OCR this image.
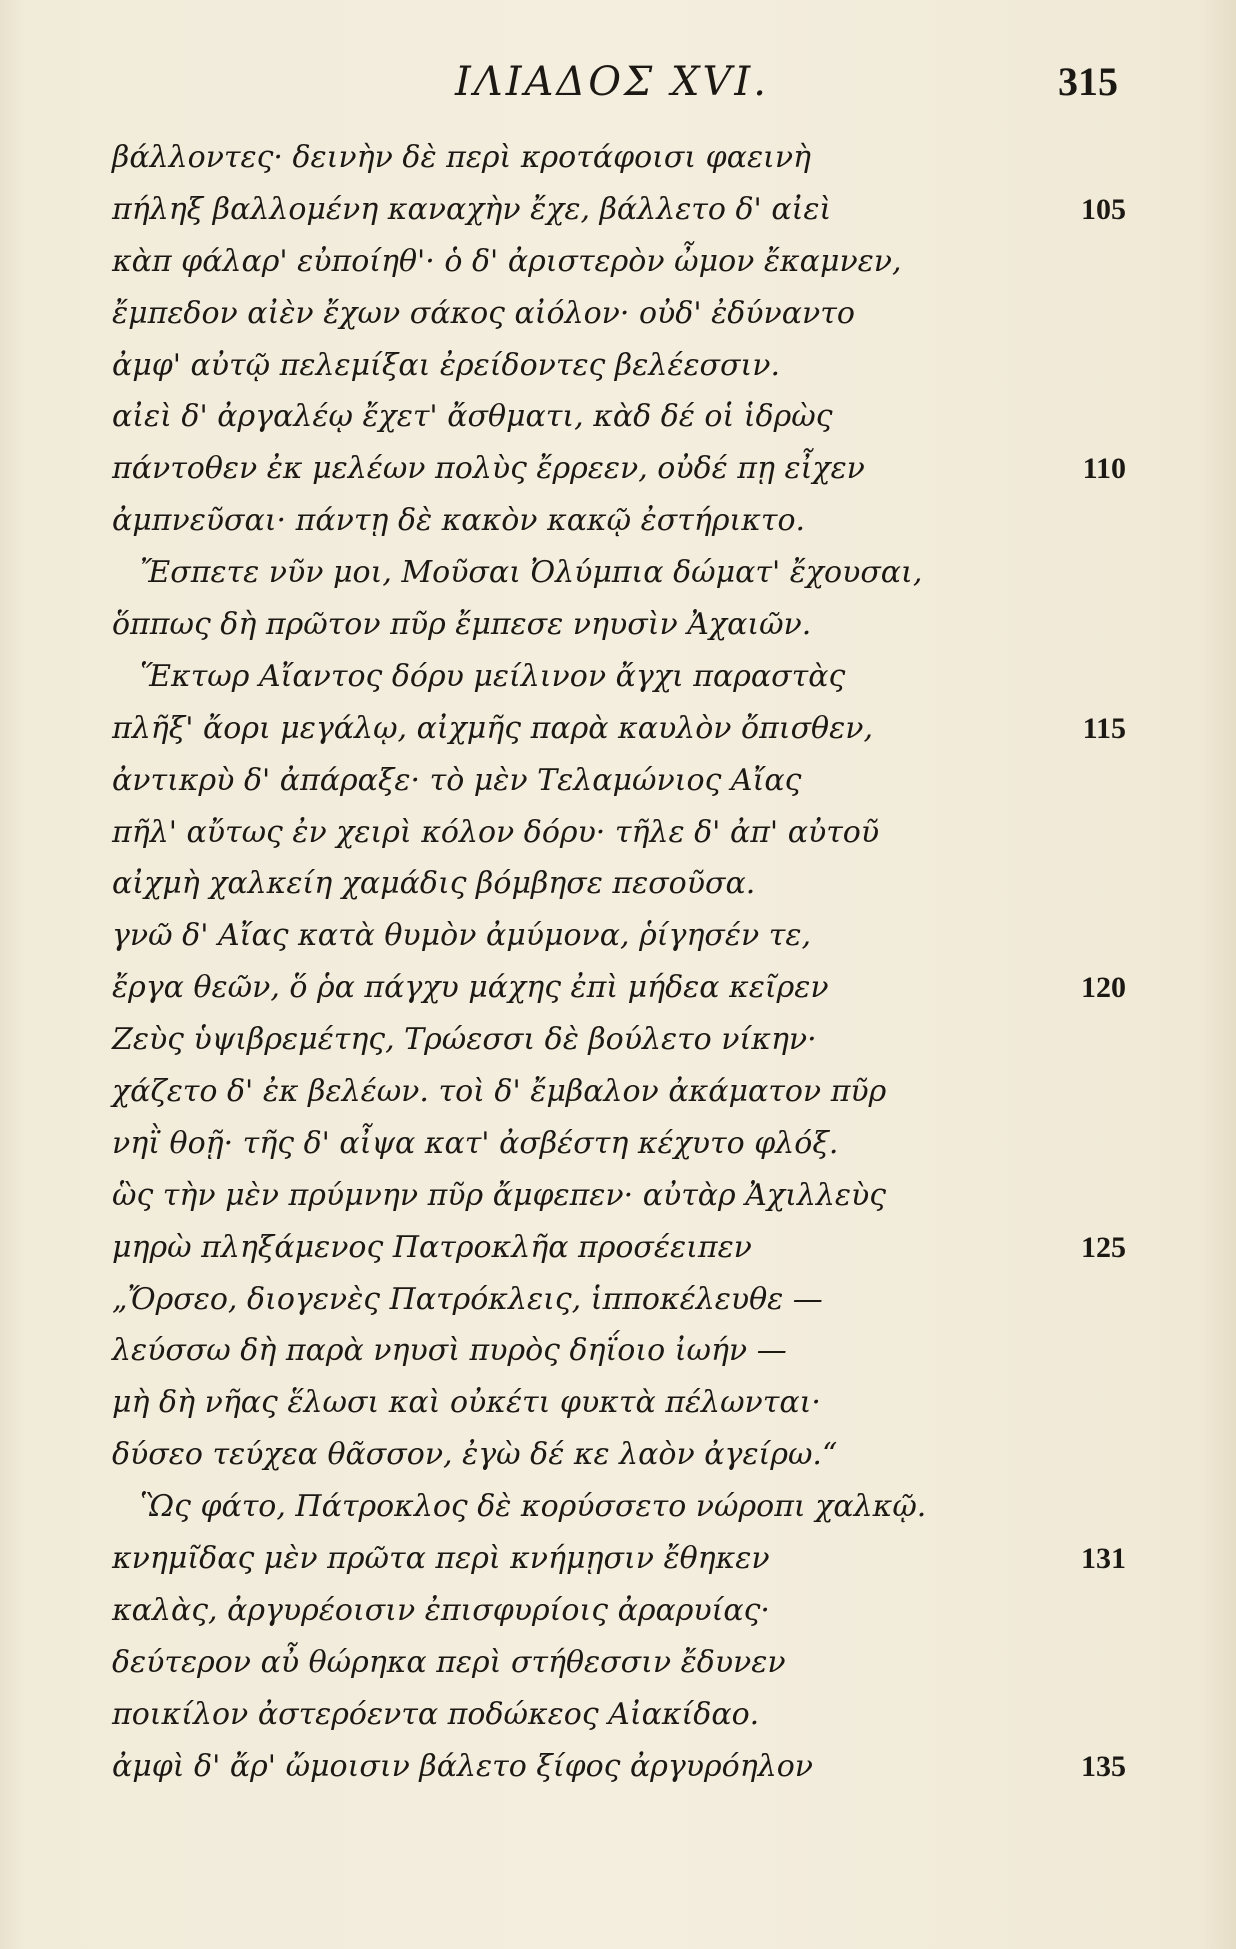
ΙΛΙΑΔΟΣ XVI.	315
βάλλοντες· δεινὴν δὲ περὶ κροτάφοισι φαεινὴ
πήληξ βαλλομένη καναχὴν ἔχε, βάλλετο δ' αἰεὶ	105
κὰπ φάλαρ' εὐποίηθ'· ὁ δ' ἀριστερὸν ὦμον ἔκαμνεν,
ἔμπεδον αἰὲν ἔχων σάκος αἰόλον· οὐδ' ἐδύναντο
ἀμφ' αὐτῷ πελεμίξαι ἐρείδοντες βελέεσσιν.
αἰεὶ δ' ἀργαλέῳ ἔχετ' ἄσθματι, κὰδ δέ οἱ ἱδρὼς
πάντοθεν ἐκ μελέων πολὺς ἔρρεεν, οὐδέ πῃ εἶχεν	110
ἀμπνεῦσαι· πάντῃ δὲ κακὸν κακῷ ἐστήρικτο.
Ἔσπετε νῦν μοι, Μοῦσαι Ὀλύμπια δώματ' ἔχουσαι,
ὅππως δὴ πρῶτον πῦρ ἔμπεσε νηυσὶν Ἀχαιῶν.
Ἕκτωρ Αἴαντος δόρυ μείλινον ἄγχι παραστὰς
πλῆξ' ἄορι μεγάλῳ, αἰχμῆς παρὰ καυλὸν ὄπισθεν,	115
ἀντικρὺ δ' ἀπάραξε· τὸ μὲν Τελαμώνιος Αἴας
πῆλ' αὔτως ἐν χειρὶ κόλον δόρυ· τῆλε δ' ἀπ' αὐτοῦ
αἰχμὴ χαλκείη χαμάδις βόμβησε πεσοῦσα.
γνῶ δ' Αἴας κατὰ θυμὸν ἀμύμονα, ῥίγησέν τε,
ἔργα θεῶν, ὅ ῥα πάγχυ μάχης ἐπὶ μήδεα κεῖρεν	120
Ζεὺς ὑψιβρεμέτης, Τρώεσσι δὲ βούλετο νίκην·
χάζετο δ' ἐκ βελέων. τοὶ δ' ἔμβαλον ἀκάματον πῦρ
νηῒ θοῇ· τῆς δ' αἶψα κατ' ἀσβέστη κέχυτο φλόξ.
ὣς τὴν μὲν πρύμνην πῦρ ἄμφεπεν· αὐτὰρ Ἀχιλλεὺς
μηρὼ πληξάμενος Πατροκλῆα προσέειπεν	125
„Ὄρσεο, διογενὲς Πατρόκλεις, ἱπποκέλευθε —
λεύσσω δὴ παρὰ νηυσὶ πυρὸς δηΐοιο ἰωήν —
μὴ δὴ νῆας ἕλωσι καὶ οὐκέτι φυκτὰ πέλωνται·
δύσεο τεύχεα θᾶσσον, ἐγὼ δέ κε λαὸν ἀγείρω.“
Ὣς φάτο, Πάτροκλος δὲ κορύσσετο νώροπι χαλκῷ.
κνημῖδας μὲν πρῶτα περὶ κνήμῃσιν ἔθηκεν	131
καλὰς, ἀργυρέοισιν ἐπισφυρίοις ἀραρυίας·
δεύτερον αὖ θώρηκα περὶ στήθεσσιν ἔδυνεν
ποικίλον ἀστερόεντα ποδώκεος Αἰακίδαο.
ἀμφὶ δ' ἄρ' ὤμοισιν βάλετο ξίφος ἀργυρόηλον	135
